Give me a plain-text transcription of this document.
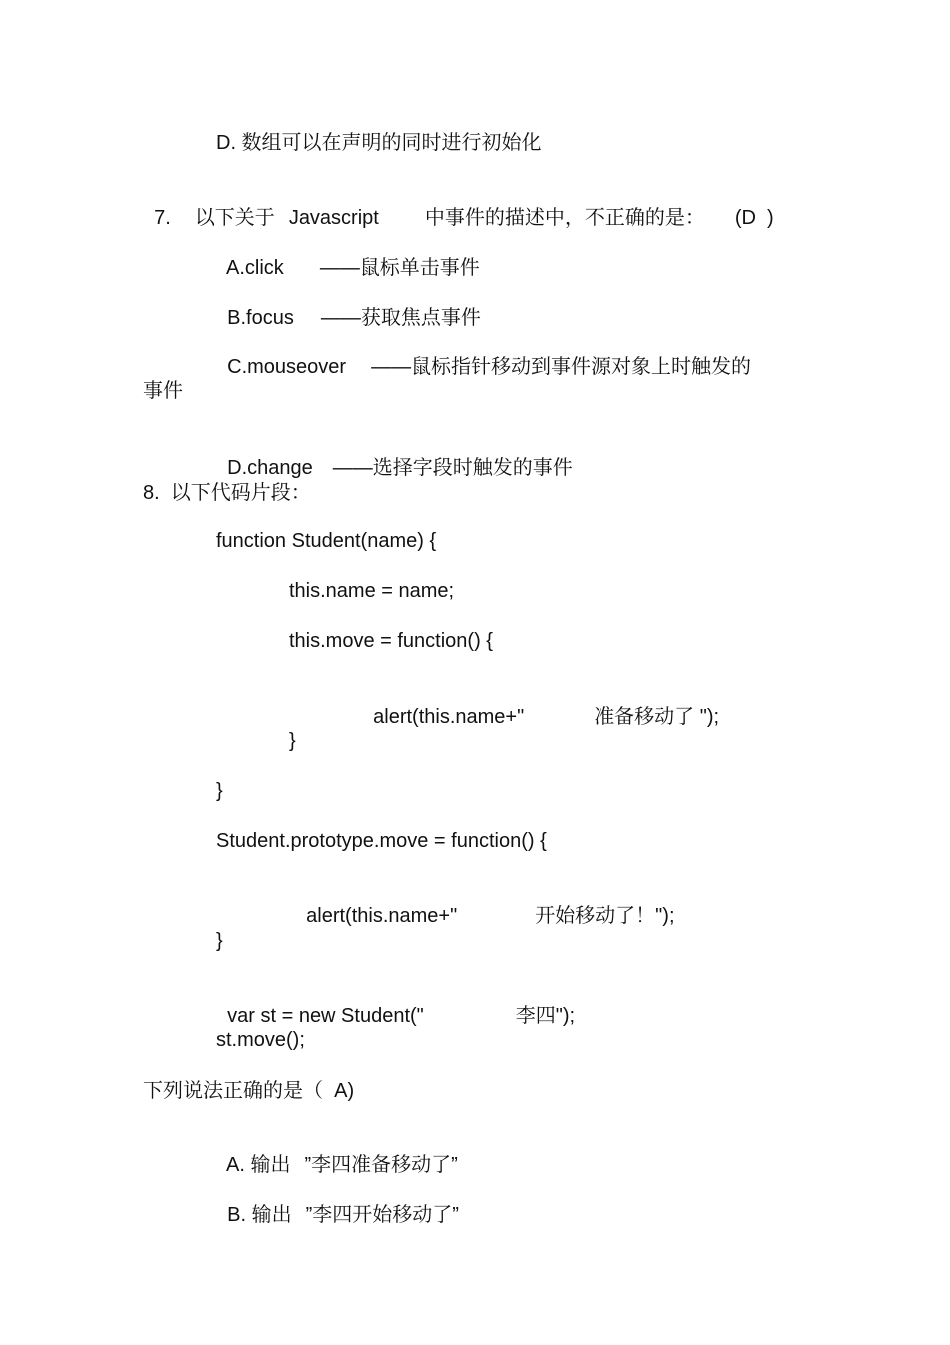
D. 数组可以在声明的同时进行初始化

7. 以下关于 Javascript 中事件的描述中，不正确的是： (D  )

A.click ——鼠标单击事件

B.focus ——获取焦点事件

C.mouseover ——鼠标指针移动到事件源对象上时触发的

事件

D.change ——选择字段时触发的事件

8.  以下代码片段：
function Student(name) {
this.name = name;
this.move = function() {

alert(this.name+"	准备移动了 ");

}
}
Student.prototype.move = function() {

alert(this.name+"	开始移动了！");

}

var st = new Student("	李四");

st.move();
下列说法正确的是（  A)

A. 输出 ”李四准备移动了”

B. 输出 ”李四开始移动了”
